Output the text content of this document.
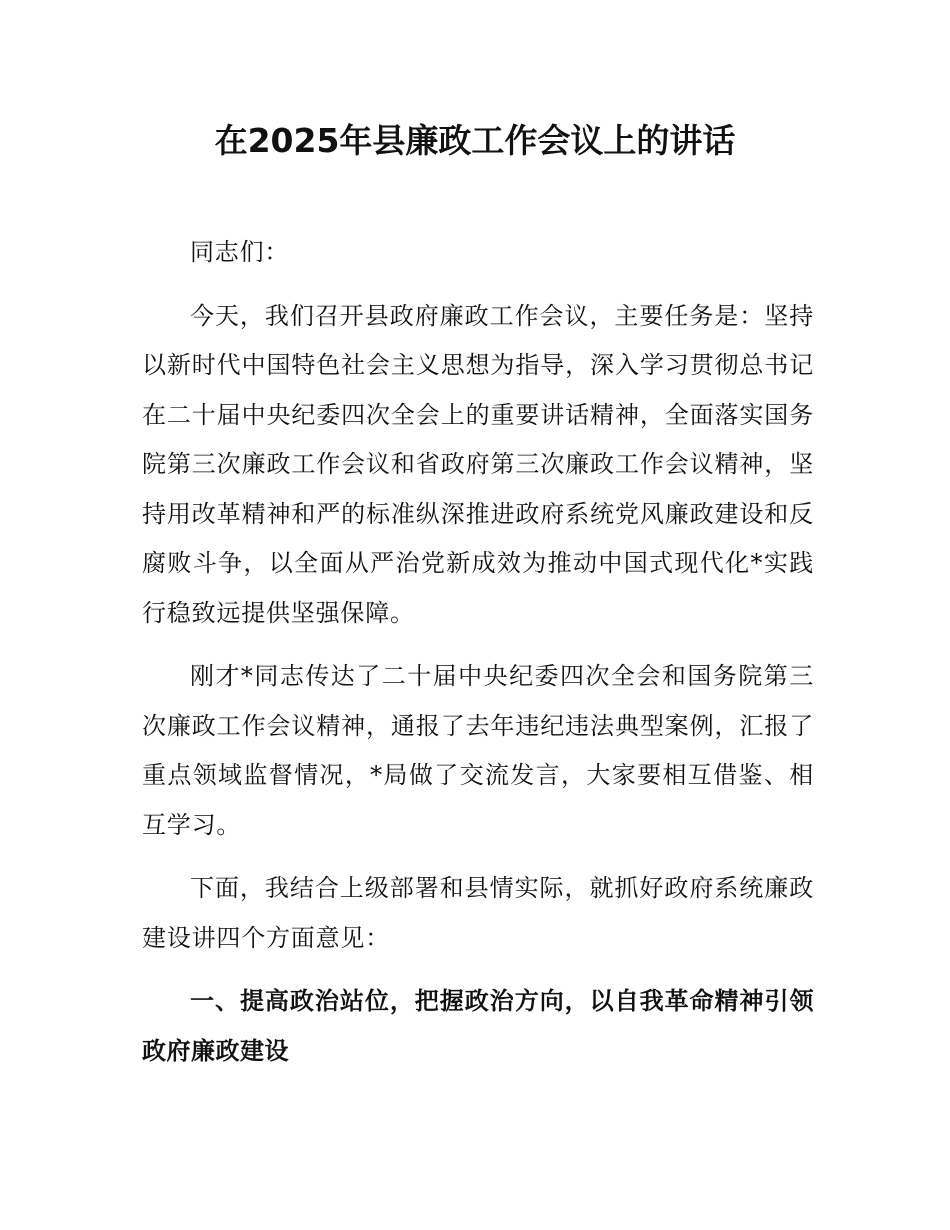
在2025年县廉政工作会议上的讲话

同志们：

今天，我们召开县政府廉政工作会议，主要任务是：坚持以新时代中国特色社会主义思想为指导，深入学习贯彻总书记在二十届中央纪委四次全会上的重要讲话精神，全面落实国务院第三次廉政工作会议和省政府第三次廉政工作会议精神，坚持用改革精神和严的标准纵深推进政府系统党风廉政建设和反腐败斗争，以全面从严治党新成效为推动中国式现代化*实践行稳致远提供坚强保障。

刚才*同志传达了二十届中央纪委四次全会和国务院第三次廉政工作会议精神，通报了去年违纪违法典型案例，汇报了重点领域监督情况，*局做了交流发言，大家要相互借鉴、相互学习。

下面，我结合上级部署和县情实际，就抓好政府系统廉政建设讲四个方面意见：

一、提高政治站位，把握政治方向，以自我革命精神引领政府廉政建设
